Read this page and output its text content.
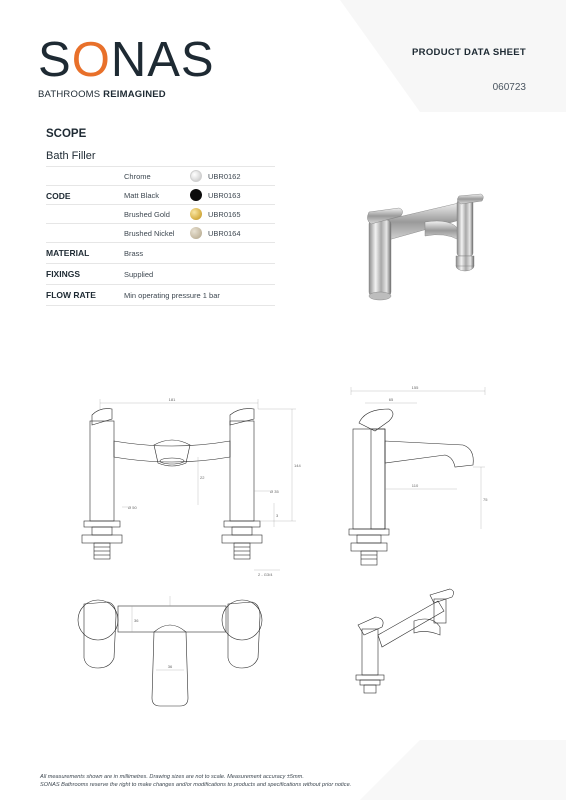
SONAS
BATHROOMS REIMAGINED
PRODUCT DATA SHEET
060723
SCOPE
Bath Filler
CODE
Chrome	UBR0162
Matt Black	UBR0163
Brushed Gold	UBR0165
Brushed Nickel	UBR0164
MATERIAL	Brass
FIXINGS	Supplied
FLOW RATE	Min operating pressure 1 bar
181
144
22
Ø 50
Ø 35
3
2 - G3/4
155
65
110
75
36
36
All measurements shown are in millimetres. Drawing sizes are not to scale. Measurement accuracy ±5mm.
SONAS Bathrooms reserve the right to make changes and/or modifications to products and specifications without prior notice.
